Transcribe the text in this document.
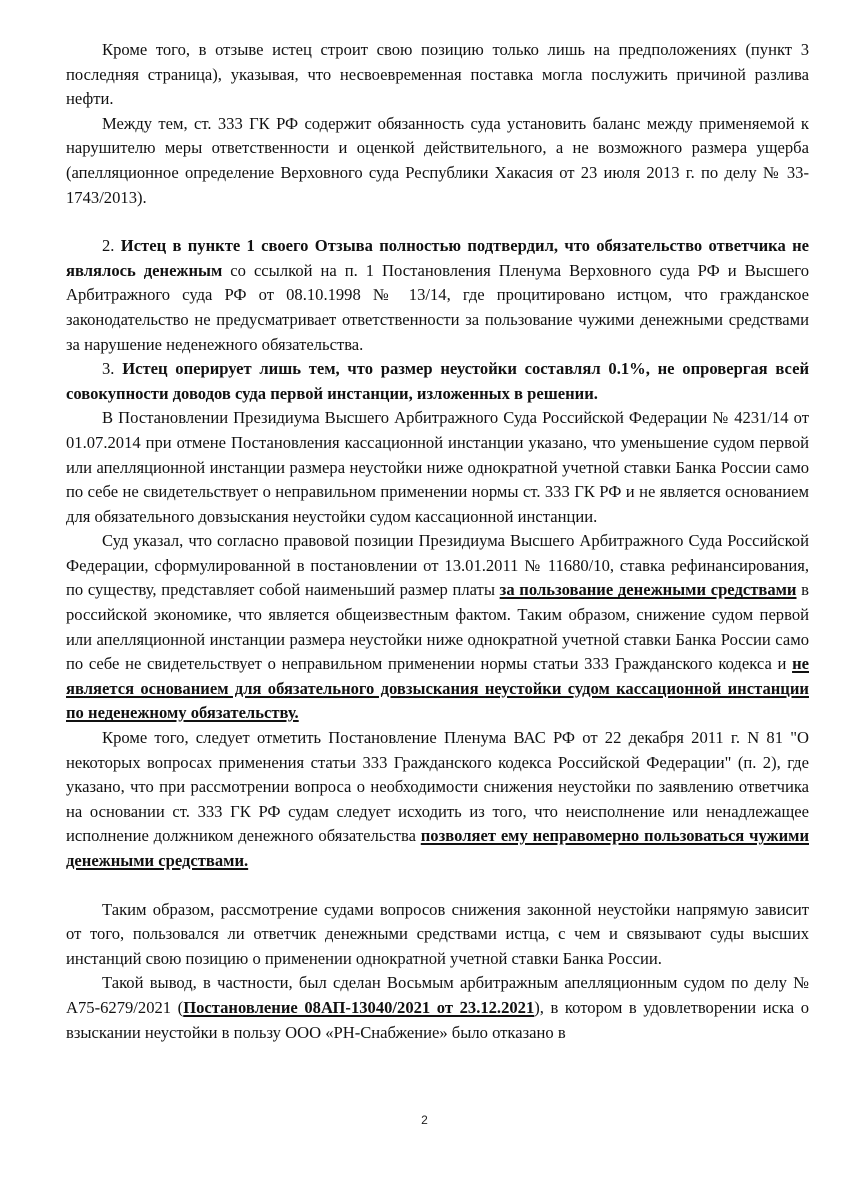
Кроме того, в отзыве истец строит свою позицию только лишь на предположениях (пункт 3 последняя страница), указывая, что несвоевременная поставка могла послужить причиной разлива нефти.

Между тем, ст. 333 ГК РФ содержит обязанность суда установить баланс между применяемой к нарушителю меры ответственности и оценкой действительного, а не возможного размера ущерба (апелляционное определение Верховного суда Республики Хакасия от 23 июля 2013 г. по делу № 33-1743/2013).

2. Истец в пункте 1 своего Отзыва полностью подтвердил, что обязательство ответчика не являлось денежным со ссылкой на п. 1 Постановления Пленума Верховного суда РФ и Высшего Арбитражного суда РФ от 08.10.1998 № 13/14, где процитировано истцом, что гражданское законодательство не предусматривает ответственности за пользование чужими денежными средствами за нарушение неденежного обязательства.

3. Истец оперирует лишь тем, что размер неустойки составлял 0.1%, не опровергая всей совокупности доводов суда первой инстанции, изложенных в решении.

В Постановлении Президиума Высшего Арбитражного Суда Российской Федерации № 4231/14 от 01.07.2014 при отмене Постановления кассационной инстанции указано, что уменьшение судом первой или апелляционной инстанции размера неустойки ниже однократной учетной ставки Банка России само по себе не свидетельствует о неправильном применении нормы ст. 333 ГК РФ и не является основанием для обязательного довзыскания неустойки судом кассационной инстанции.

Суд указал, что согласно правовой позиции Президиума Высшего Арбитражного Суда Российской Федерации, сформулированной в постановлении от 13.01.2011 № 11680/10, ставка рефинансирования, по существу, представляет собой наименьший размер платы за пользование денежными средствами в российской экономике, что является общеизвестным фактом. Таким образом, снижение судом первой или апелляционной инстанции размера неустойки ниже однократной учетной ставки Банка России само по себе не свидетельствует о неправильном применении нормы статьи 333 Гражданского кодекса и не является основанием для обязательного довзыскания неустойки судом кассационной инстанции по неденежному обязательству.

Кроме того, следует отметить Постановление Пленума ВАС РФ от 22 декабря 2011 г. N 81 "О некоторых вопросах применения статьи 333 Гражданского кодекса Российской Федерации" (п. 2), где указано, что при рассмотрении вопроса о необходимости снижения неустойки по заявлению ответчика на основании ст. 333 ГК РФ судам следует исходить из того, что неисполнение или ненадлежащее исполнение должником денежного обязательства позволяет ему неправомерно пользоваться чужими денежными средствами.

Таким образом, рассмотрение судами вопросов снижения законной неустойки напрямую зависит от того, пользовался ли ответчик денежными средствами истца, с чем и связывают суды высших инстанций свою позицию о применении однократной учетной ставки Банка России.

Такой вывод, в частности, был сделан Восьмым арбитражным апелляционным судом по делу № А75-6279/2021 (Постановление 08АП-13040/2021 от 23.12.2021), в котором в удовлетворении иска о взыскании неустойки в пользу ООО «РН-Снабжение» было отказано в

2
